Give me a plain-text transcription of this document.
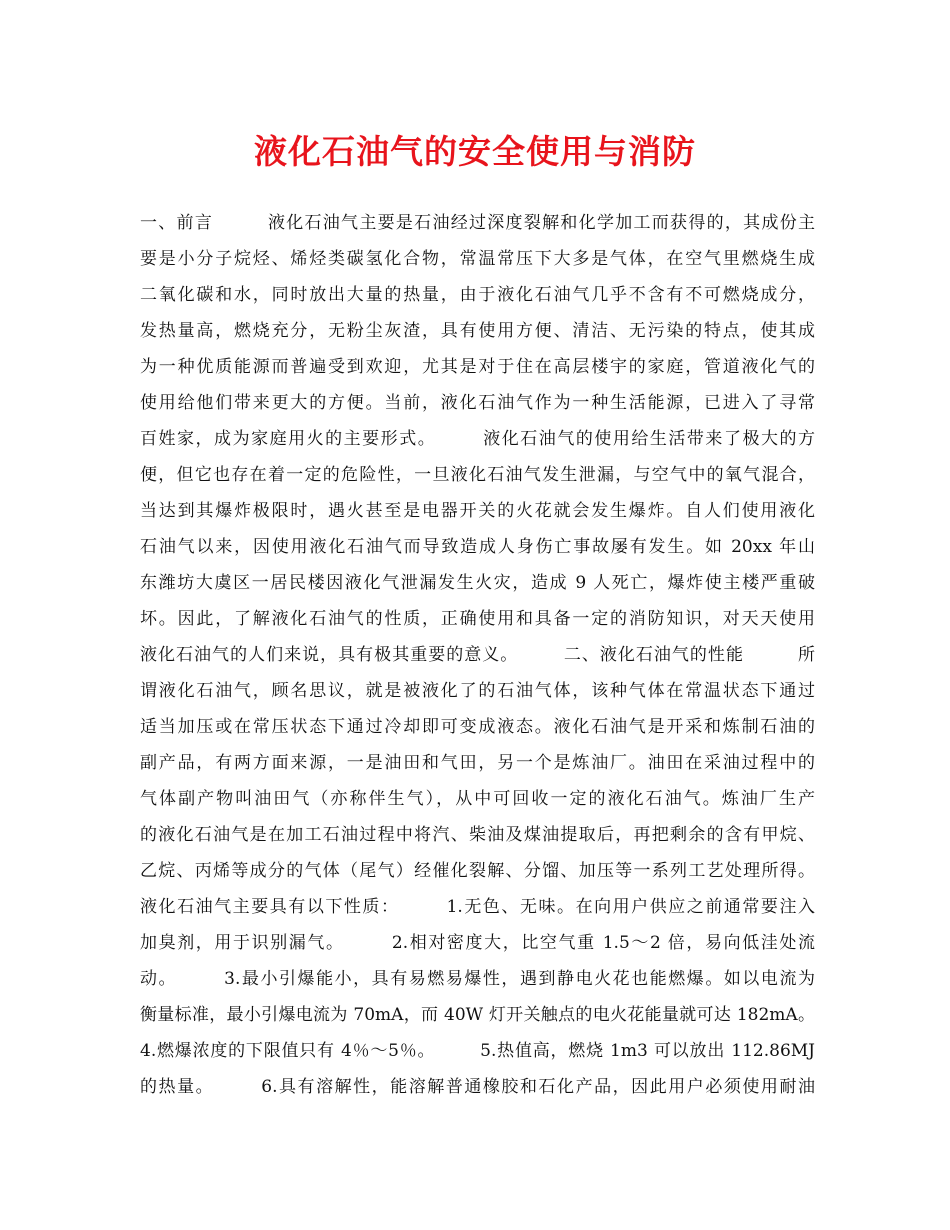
液化石油气的安全使用与消防
一、前言　　　液化石油气主要是石油经过深度裂解和化学加工而获得的，其成份主
要是小分子烷烃、烯烃类碳氢化合物，常温常压下大多是气体，在空气里燃烧生成
二氧化碳和水，同时放出大量的热量，由于液化石油气几乎不含有不可燃烧成分，
发热量高，燃烧充分，无粉尘灰渣，具有使用方便、清洁、无污染的特点，使其成
为一种优质能源而普遍受到欢迎，尤其是对于住在高层楼宇的家庭，管道液化气的
使用给他们带来更大的方便。当前，液化石油气作为一种生活能源，已进入了寻常
百姓家，成为家庭用火的主要形式。　　　液化石油气的使用给生活带来了极大的方
便，但它也存在着一定的危险性，一旦液化石油气发生泄漏，与空气中的氧气混合，
当达到其爆炸极限时，遇火甚至是电器开关的火花就会发生爆炸。自人们使用液化
石油气以来，因使用液化石油气而导致造成人身伤亡事故屡有发生。如 20xx 年山
东潍坊大虞区一居民楼因液化气泄漏发生火灾，造成 9 人死亡，爆炸使主楼严重破
坏。因此，了解液化石油气的性质，正确使用和具备一定的消防知识，对天天使用
液化石油气的人们来说，具有极其重要的意义。　　　二、液化石油气的性能　　　所
谓液化石油气，顾名思议，就是被液化了的石油气体，该种气体在常温状态下通过
适当加压或在常压状态下通过冷却即可变成液态。液化石油气是开采和炼制石油的
副产品，有两方面来源，一是油田和气田，另一个是炼油厂。油田在采油过程中的
气体副产物叫油田气（亦称伴生气），从中可回收一定的液化石油气。炼油厂生产
的液化石油气是在加工石油过程中将汽、柴油及煤油提取后，再把剩余的含有甲烷、
乙烷、丙烯等成分的气体（尾气）经催化裂解、分馏、加压等一系列工艺处理所得。
液化石油气主要具有以下性质：　　　1.无色、无味。在向用户供应之前通常要注入
加臭剂，用于识别漏气。　　　2.相对密度大，比空气重 1.5～2 倍，易向低洼处流
动。　　　3.最小引爆能小，具有易燃易爆性，遇到静电火花也能燃爆。如以电流为
衡量标准，最小引爆电流为 70mA，而 40W 灯开关触点的电火花能量就可达 182mA。
4.燃爆浓度的下限值只有 4％～5％。　　　5.热值高，燃烧 1m3 可以放出 112.86MJ
的热量。　　　6.具有溶解性，能溶解普通橡胶和石化产品，因此用户必须使用耐油
